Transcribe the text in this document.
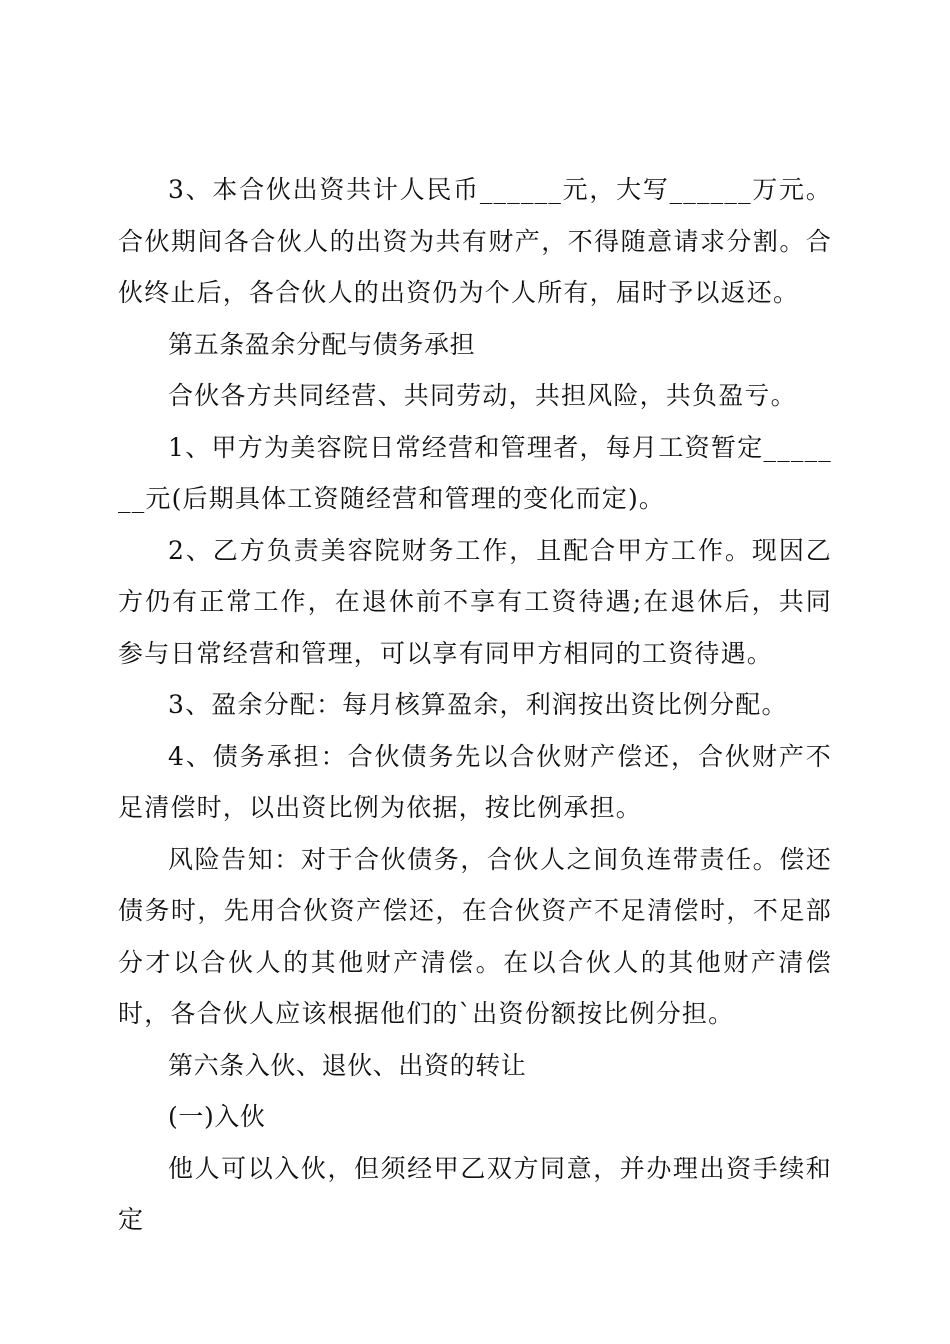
3、本合伙出资共计人民币______元，大写______万元。合伙期间各合伙人的出资为共有财产，不得随意请求分割。合伙终止后，各合伙人的出资仍为个人所有，届时予以返还。

第五条盈余分配与债务承担

合伙各方共同经营、共同劳动，共担风险，共负盈亏。

1、甲方为美容院日常经营和管理者，每月工资暂定_______元(后期具体工资随经营和管理的变化而定)。

2、乙方负责美容院财务工作，且配合甲方工作。现因乙方仍有正常工作，在退休前不享有工资待遇;在退休后，共同参与日常经营和管理，可以享有同甲方相同的工资待遇。

3、盈余分配：每月核算盈余，利润按出资比例分配。

4、债务承担：合伙债务先以合伙财产偿还，合伙财产不足清偿时，以出资比例为依据，按比例承担。

风险告知：对于合伙债务，合伙人之间负连带责任。偿还债务时，先用合伙资产偿还，在合伙资产不足清偿时，不足部分才以合伙人的其他财产清偿。在以合伙人的其他财产清偿时，各合伙人应该根据他们的`出资份额按比例分担。

第六条入伙、退伙、出资的转让

(一)入伙

他人可以入伙，但须经甲乙双方同意，并办理出资手续和定
